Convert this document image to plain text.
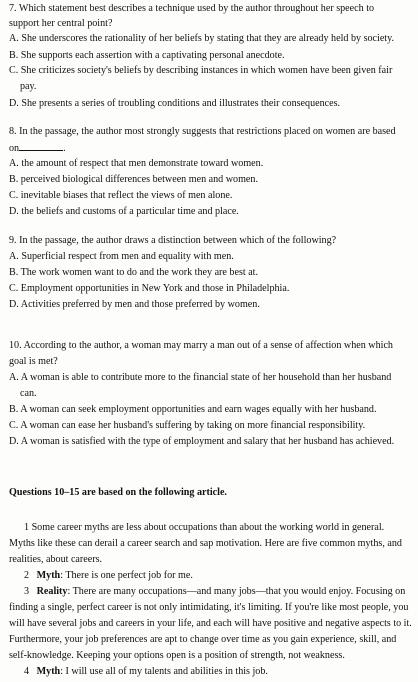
7. Which statement best describes a technique used by the author throughout her speech to
support her central point?
A. She underscores the rationality of her beliefs by stating that they are already held by society.
B. She supports each assertion with a captivating personal anecdote.
C. She criticizes society's beliefs by describing instances in which women have been given fair
pay.
D. She presents a series of troubling conditions and illustrates their consequences.
8. In the passage, the author most strongly suggests that restrictions placed on women are based
on	.
A. the amount of respect that men demonstrate toward women.
B. perceived biological differences between men and women.
C. inevitable biases that reflect the views of men alone.
D. the beliefs and customs of a particular time and place.
9. In the passage, the author draws a distinction between which of the following?
A. Superficial respect from men and equality with men.
B. The work women want to do and the work they are best at.
C. Employment opportunities in New York and those in Philadelphia.
D. Activities preferred by men and those preferred by women.
10. According to the author, a woman may marry a man out of a sense of affection when which
goal is met?
A. A woman is able to contribute more to the financial state of her household than her husband
can.
B. A woman can seek employment opportunities and earn wages equally with her husband.
C. A woman can ease her husband's suffering by taking on more financial responsibility.
D. A woman is satisfied with the type of employment and salary that her husband has achieved.
Questions 10–15 are based on the following article.
1 Some career myths are less about occupations than about the working world in general.
Myths like these can derail a career search and sap motivation. Here are five common myths, and
realities, about careers.
2 Myth: There is one perfect job for me.
3 Reality: There are many occupations—and many jobs—that you would enjoy. Focusing on
finding a single, perfect career is not only intimidating, it's limiting. If you're like most people, you
will have several jobs and careers in your life, and each will have positive and negative aspects to it.
Furthermore, your job preferences are apt to change over time as you gain experience, skill, and
self-knowledge. Keeping your options open is a position of strength, not weakness.
4 Myth: I will use all of my talents and abilities in this job.
